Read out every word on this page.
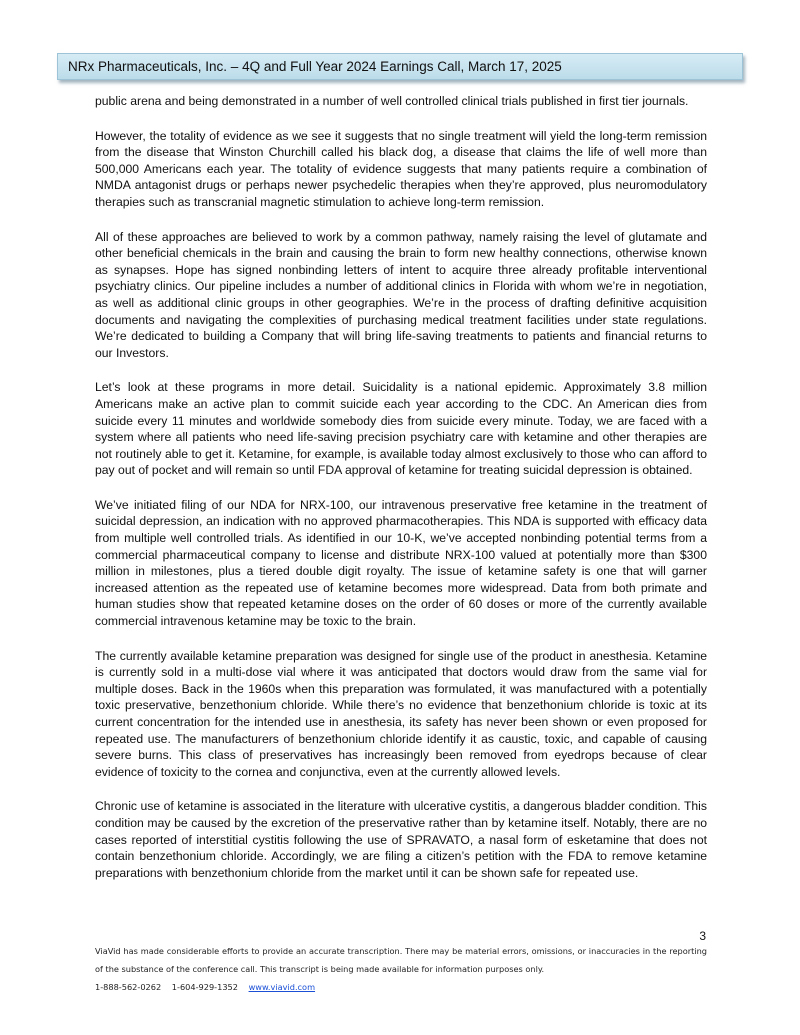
NRx Pharmaceuticals, Inc. – 4Q and Full Year 2024 Earnings Call, March 17, 2025

public arena and being demonstrated in a number of well controlled clinical trials published in first tier journals.

However, the totality of evidence as we see it suggests that no single treatment will yield the long-term remission from the disease that Winston Churchill called his black dog, a disease that claims the life of well more than 500,000 Americans each year. The totality of evidence suggests that many patients require a combination of NMDA antagonist drugs or perhaps newer psychedelic therapies when they’re approved, plus neuromodulatory therapies such as transcranial magnetic stimulation to achieve long-term remission.

All of these approaches are believed to work by a common pathway, namely raising the level of glutamate and other beneficial chemicals in the brain and causing the brain to form new healthy connections, otherwise known as synapses. Hope has signed nonbinding letters of intent to acquire three already profitable interventional psychiatry clinics. Our pipeline includes a number of additional clinics in Florida with whom we’re in negotiation, as well as additional clinic groups in other geographies. We’re in the process of drafting definitive acquisition documents and navigating the complexities of purchasing medical treatment facilities under state regulations. We’re dedicated to building a Company that will bring life-saving treatments to patients and financial returns to our Investors.

Let’s look at these programs in more detail. Suicidality is a national epidemic. Approximately 3.8 million Americans make an active plan to commit suicide each year according to the CDC. An American dies from suicide every 11 minutes and worldwide somebody dies from suicide every minute. Today, we are faced with a system where all patients who need life-saving precision psychiatry care with ketamine and other therapies are not routinely able to get it. Ketamine, for example, is available today almost exclusively to those who can afford to pay out of pocket and will remain so until FDA approval of ketamine for treating suicidal depression is obtained.

We’ve initiated filing of our NDA for NRX-100, our intravenous preservative free ketamine in the treatment of suicidal depression, an indication with no approved pharmacotherapies. This NDA is supported with efficacy data from multiple well controlled trials. As identified in our 10-K, we’ve accepted nonbinding potential terms from a commercial pharmaceutical company to license and distribute NRX-100 valued at potentially more than $300 million in milestones, plus a tiered double digit royalty. The issue of ketamine safety is one that will garner increased attention as the repeated use of ketamine becomes more widespread. Data from both primate and human studies show that repeated ketamine doses on the order of 60 doses or more of the currently available commercial intravenous ketamine may be toxic to the brain.

The currently available ketamine preparation was designed for single use of the product in anesthesia. Ketamine is currently sold in a multi-dose vial where it was anticipated that doctors would draw from the same vial for multiple doses. Back in the 1960s when this preparation was formulated, it was manufactured with a potentially toxic preservative, benzethonium chloride. While there’s no evidence that benzethonium chloride is toxic at its current concentration for the intended use in anesthesia, its safety has never been shown or even proposed for repeated use. The manufacturers of benzethonium chloride identify it as caustic, toxic, and capable of causing severe burns. This class of preservatives has increasingly been removed from eyedrops because of clear evidence of toxicity to the cornea and conjunctiva, even at the currently allowed levels.

Chronic use of ketamine is associated in the literature with ulcerative cystitis, a dangerous bladder condition. This condition may be caused by the excretion of the preservative rather than by ketamine itself. Notably, there are no cases reported of interstitial cystitis following the use of SPRAVATO, a nasal form of esketamine that does not contain benzethonium chloride. Accordingly, we are filing a citizen’s petition with the FDA to remove ketamine preparations with benzethonium chloride from the market until it can be shown safe for repeated use.

3
ViaVid has made considerable efforts to provide an accurate transcription. There may be material errors, omissions, or inaccuracies in the reporting of the substance of the conference call. This transcript is being made available for information purposes only.
1-888-562-0262 1-604-929-1352 www.viavid.com
